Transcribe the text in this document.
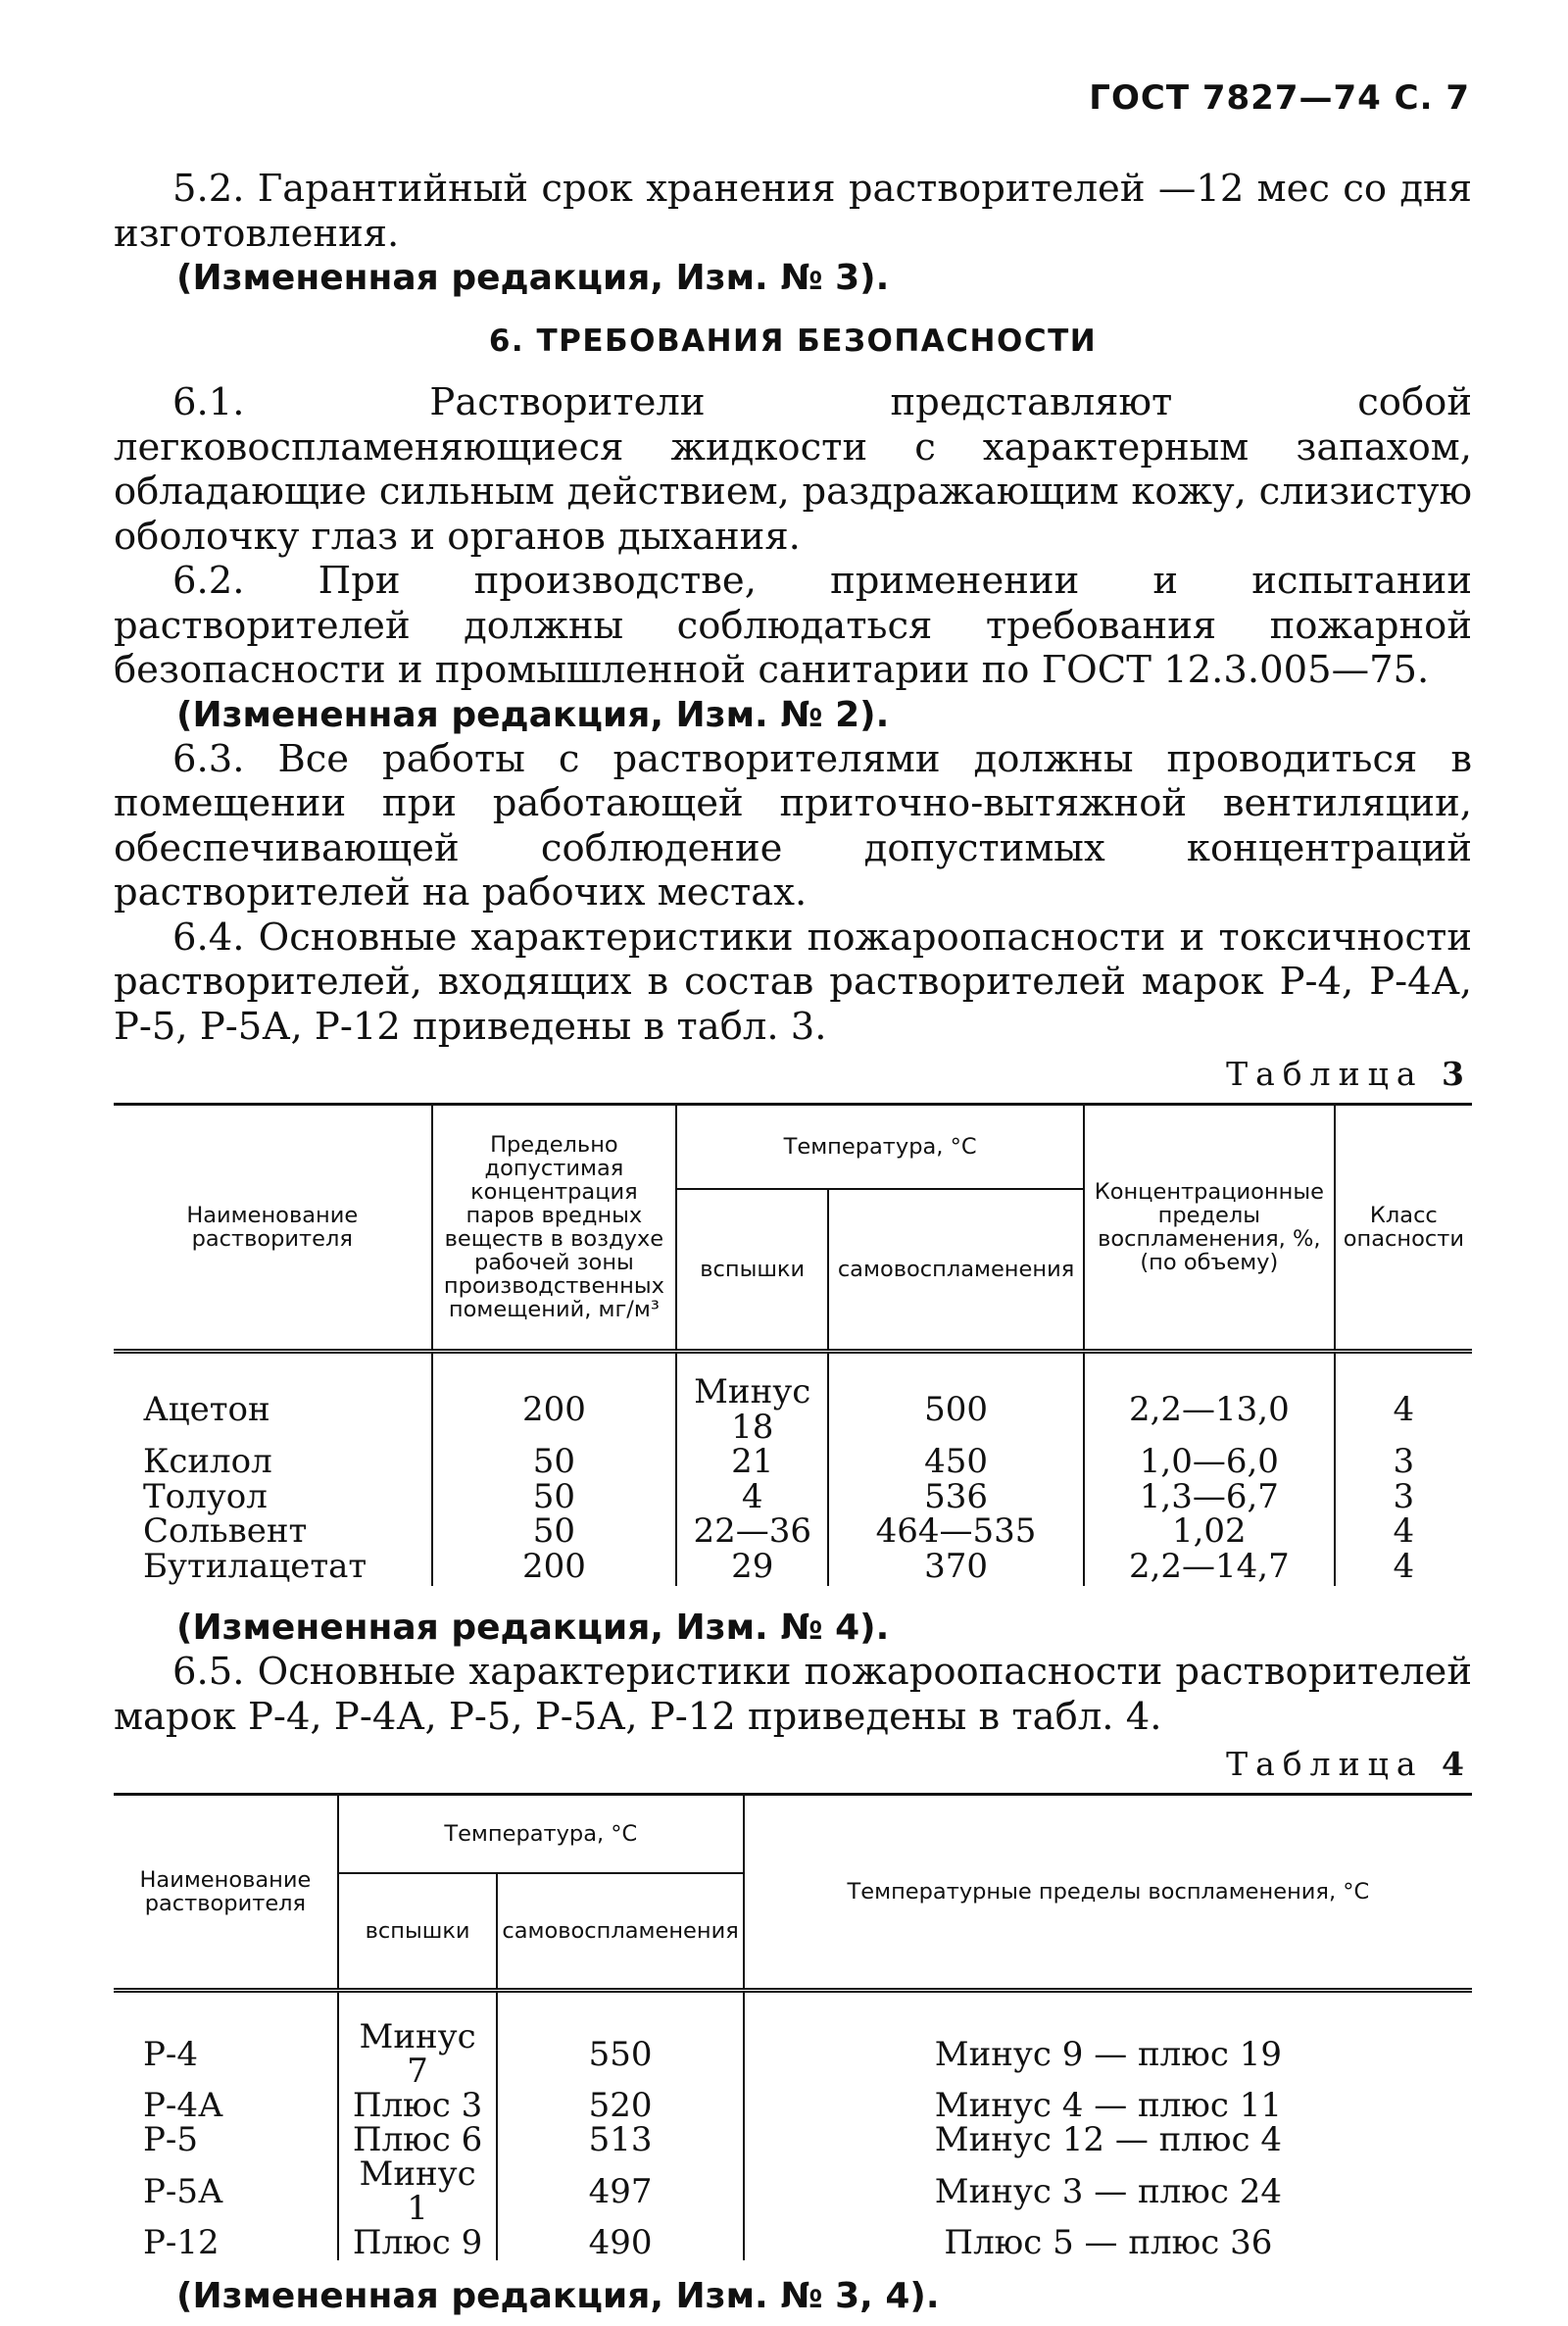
ГОСТ 7827—74 С. 7

5.2. Гарантийный срок хранения растворителей —12 мес со дня изготовления.

(Измененная редакция, Изм. № 3).

6. ТРЕБОВАНИЯ БЕЗОПАСНОСТИ

6.1. Растворители представляют собой легковоспламеняющиеся жидкости с характерным запахом, обладающие сильным действием, раздражающим кожу, слизистую оболочку глаз и органов дыхания.

6.2. При производстве, применении и испытании растворителей должны соблюдаться требования пожарной безопасности и промышленной санитарии по ГОСТ 12.3.005—75.

(Измененная редакция, Изм. № 2).

6.3. Все работы с растворителями должны проводиться в помещении при работающей приточно-вытяжной вентиляции, обеспечивающей соблюдение допустимых концентраций растворителей на рабочих местах.

6.4. Основные характеристики пожароопасности и токсичности растворителей, входящих в состав растворителей марок Р-4, Р-4А, Р-5, Р-5А, Р-12 приведены в табл. 3.

Таблица 3
Наименование растворителя	Предельно допустимая концентрация паров вредных веществ в воздухе рабочей зоны производственных помещений, мг/м³	Температура, °С		Концентрационные пределы воспламенения, %, (по объему)	Класс опасности
		вспышки	самовоспламенения		
Ацетон	200	Минус 18	500	2,2—13,0	4
Ксилол	50	21	450	1,0—6,0	3
Толуол	50	4	536	1,3—6,7	3
Сольвент	50	22—36	464—535	1,02	4
Бутилацетат	200	29	370	2,2—14,7	4

(Измененная редакция, Изм. № 4).

6.5. Основные характеристики пожароопасности растворителей марок Р-4, Р-4А, Р-5, Р-5А, Р-12 приведены в табл. 4.

Таблица 4
Наименование растворителя	Температура, °С		Температурные пределы воспламенения, °С
	вспышки	самовоспламенения	
Р-4	Минус 7	550	Минус 9 — плюс 19
Р-4А	Плюс 3	520	Минус 4 — плюс 11
Р-5	Плюс 6	513	Минус 12 — плюс 4
Р-5А	Минус 1	497	Минус 3 — плюс 24
Р-12	Плюс 9	490	Плюс 5 — плюс 36

(Измененная редакция, Изм. № 3, 4).
